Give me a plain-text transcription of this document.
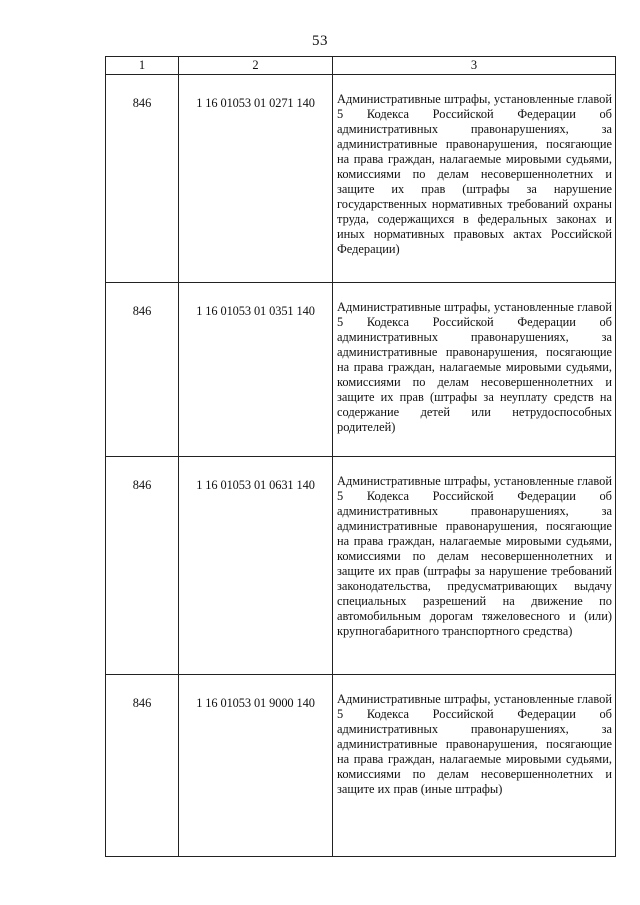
53
1	2	3
846	1 16 01053 01 0271 140	Административные штрафы, установленные главой 5 Кодекса Российской Федерации об административных правонарушениях, за административные правонарушения, посягающие на права граждан, налагаемые мировыми судьями, комиссиями по делам несовершеннолетних и защите их прав (штрафы за нарушение государственных нормативных требований охраны труда, содержащихся в федеральных законах и иных нормативных правовых актах Российской Федерации)
846	1 16 01053 01 0351 140	Административные штрафы, установленные главой 5 Кодекса Российской Федерации об административных правонарушениях, за административные правонарушения, посягающие на права граждан, налагаемые мировыми судьями, комиссиями по делам несовершеннолетних и защите их прав (штрафы за неуплату средств на содержание детей или нетрудоспособных родителей)
846	1 16 01053 01 0631 140	Административные штрафы, установленные главой 5 Кодекса Российской Федерации об административных правонарушениях, за административные правонарушения, посягающие на права граждан, налагаемые мировыми судьями, комиссиями по делам несовершеннолетних и защите их прав (штрафы за нарушение требований законодательства, предусматривающих выдачу специальных разрешений на движение по автомобильным дорогам тяжеловесного и (или) крупногабаритного транспортного средства)
846	1 16 01053 01 9000 140	Административные штрафы, установленные главой 5 Кодекса Российской Федерации об административных правонарушениях, за административные правонарушения, посягающие на права граждан, налагаемые мировыми судьями, комиссиями по делам несовершеннолетних и защите их прав (иные штрафы)
